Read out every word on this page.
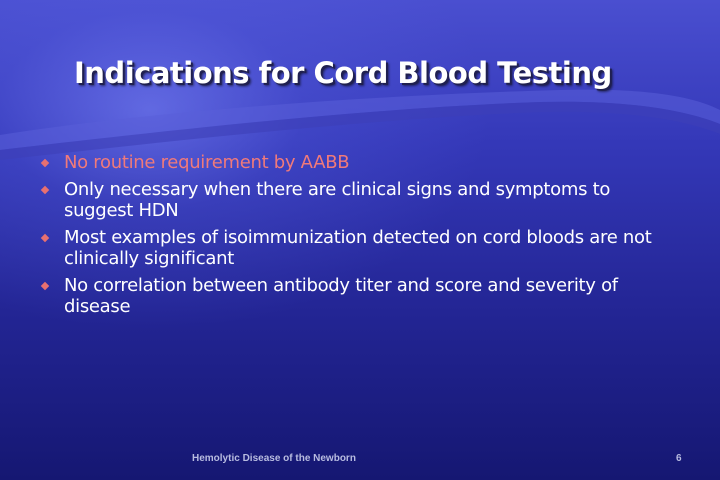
Indications for Cord Blood Testing
No routine requirement by AABB
Only necessary when there are clinical signs and symptoms to suggest HDN
Most examples of isoimmunization detected on cord bloods are not clinically significant
No correlation between antibody titer and score and severity of disease
Hemolytic Disease of the Newborn	6
